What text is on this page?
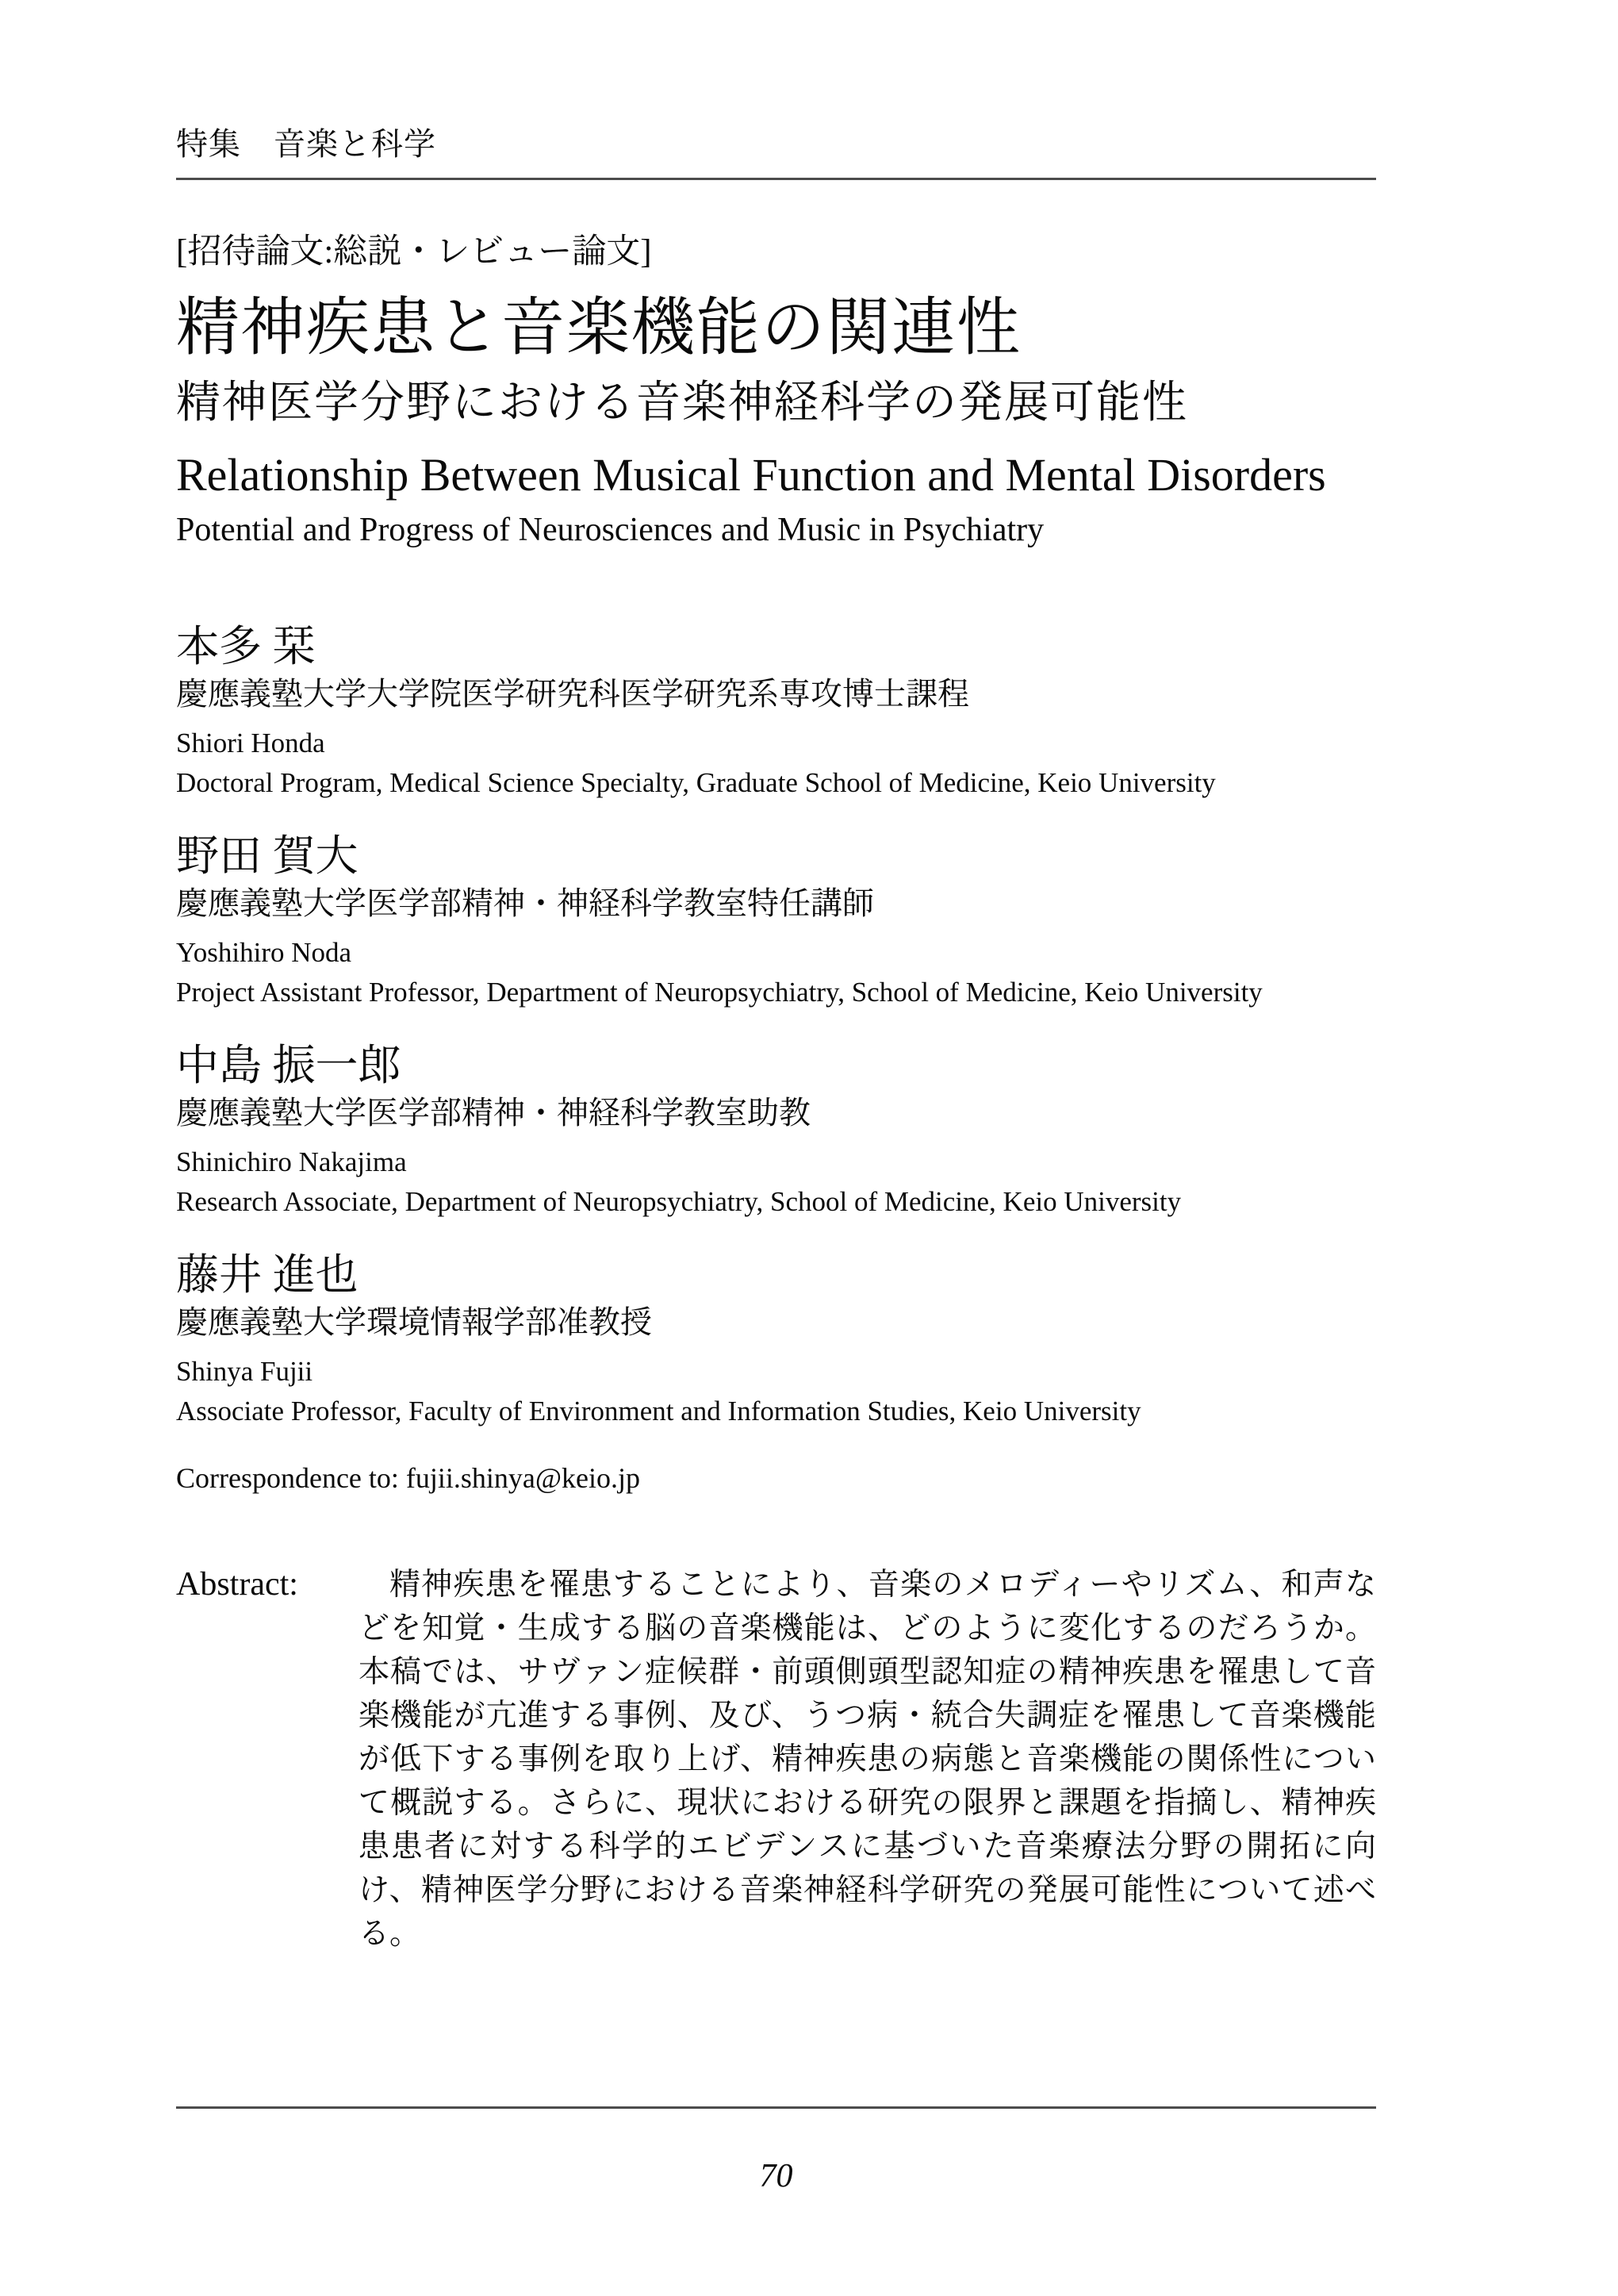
特集　音楽と科学
[招待論文:総説・レビュー論文]
精神疾患と音楽機能の関連性
精神医学分野における音楽神経科学の発展可能性
Relationship Between Musical Function and Mental Disorders
Potential and Progress of Neurosciences and Music in Psychiatry
本多 栞
慶應義塾大学大学院医学研究科医学研究系専攻博士課程

Shiori Honda

Doctoral Program, Medical Science Specialty, Graduate School of Medicine, Keio University

野田 賀大
慶應義塾大学医学部精神・神経科学教室特任講師

Yoshihiro Noda

Project Assistant Professor, Department of Neuropsychiatry, School of Medicine, Keio University

中島 振一郎
慶應義塾大学医学部精神・神経科学教室助教

Shinichiro Nakajima

Research Associate, Department of Neuropsychiatry, School of Medicine, Keio University

藤井 進也
慶應義塾大学環境情報学部准教授

Shinya Fujii

Associate Professor, Faculty of Environment and Information Studies, Keio University

Correspondence to: fujii.shinya@keio.jp

Abstract:	精神疾患を罹患することにより、音楽のメロディーやリズム、和声などを知覚・生成する脳の音楽機能は、どのように変化するのだろうか。本稿では、サヴァン症候群・前頭側頭型認知症の精神疾患を罹患して音楽機能が亢進する事例、及び、うつ病・統合失調症を罹患して音楽機能が低下する事例を取り上げ、精神疾患の病態と音楽機能の関係性について概説する。さらに、現状における研究の限界と課題を指摘し、精神疾患患者に対する科学的エビデンスに基づいた音楽療法分野の開拓に向け、精神医学分野における音楽神経科学研究の発展可能性について述べる。

70
